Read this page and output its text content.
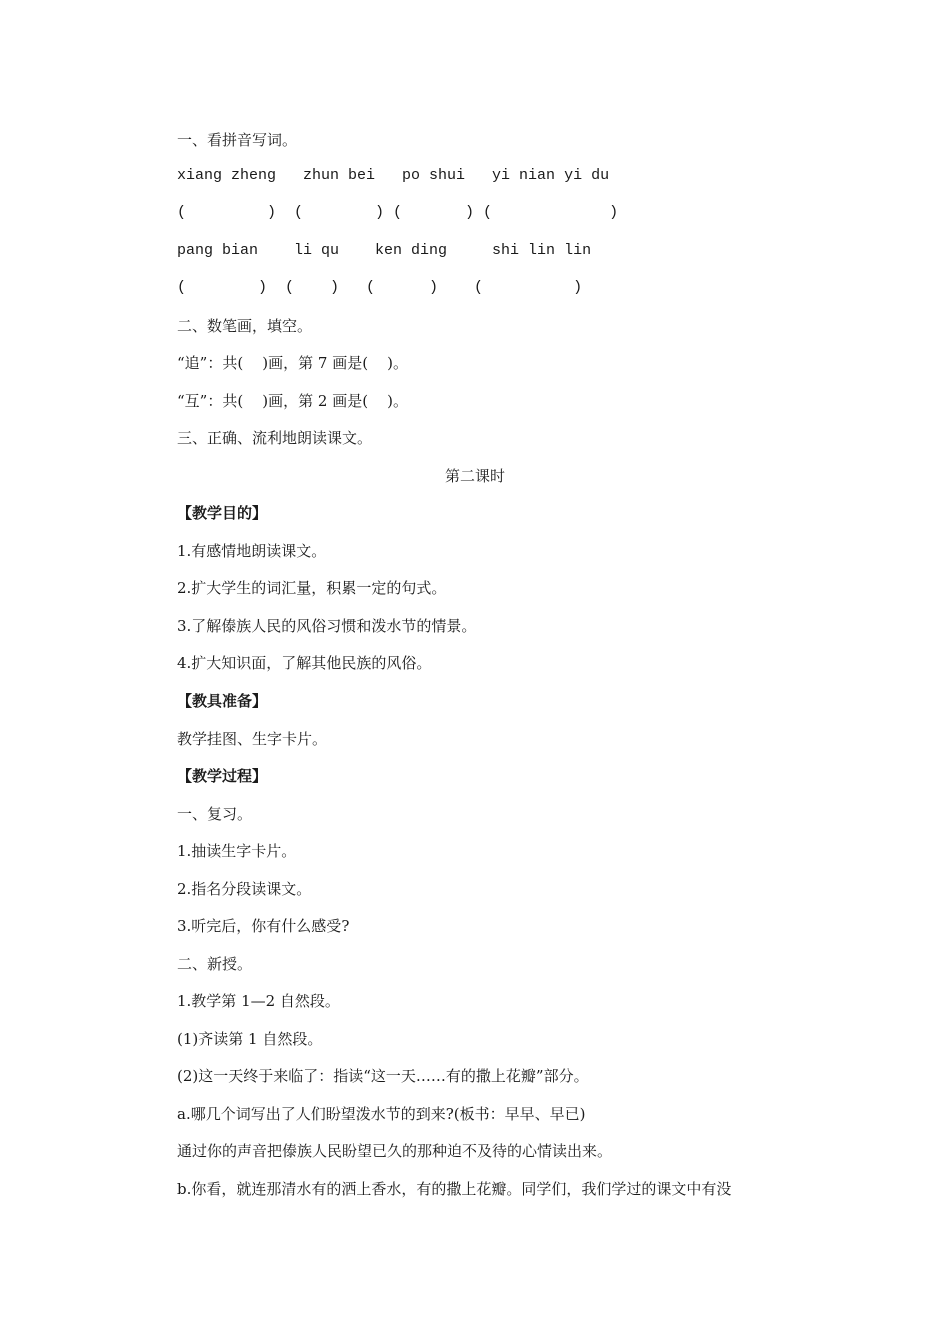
一、看拼音写词。
xiang zheng   zhun bei   po shui   yi nian yi du
(         )  (        ) (       ) (             )
pang bian    li qu    ken ding     shi lin lin
(        )  (    )   (      )    (          )
二、数笔画，填空。
“追”：共(    )画，第 7 画是(    )。
“互”：共(    )画，第 2 画是(    )。
三、正确、流利地朗读课文。
第二课时
【教学目的】
1.有感情地朗读课文。
2.扩大学生的词汇量，积累一定的句式。
3.了解傣族人民的风俗习惯和泼水节的情景。
4.扩大知识面，了解其他民族的风俗。
【教具准备】
教学挂图、生字卡片。
【教学过程】
一、复习。
1.抽读生字卡片。
2.指名分段读课文。
3.听完后，你有什么感受?
二、新授。
1.教学第 1—2 自然段。
(1)齐读第 1 自然段。
(2)这一天终于来临了：指读“这一天……有的撒上花瓣”部分。
a.哪几个词写出了人们盼望泼水节的到来?(板书：早早、早已)
通过你的声音把傣族人民盼望已久的那种迫不及待的心情读出来。
b.你看，就连那清水有的洒上香水，有的撒上花瓣。同学们，我们学过的课文中有没
